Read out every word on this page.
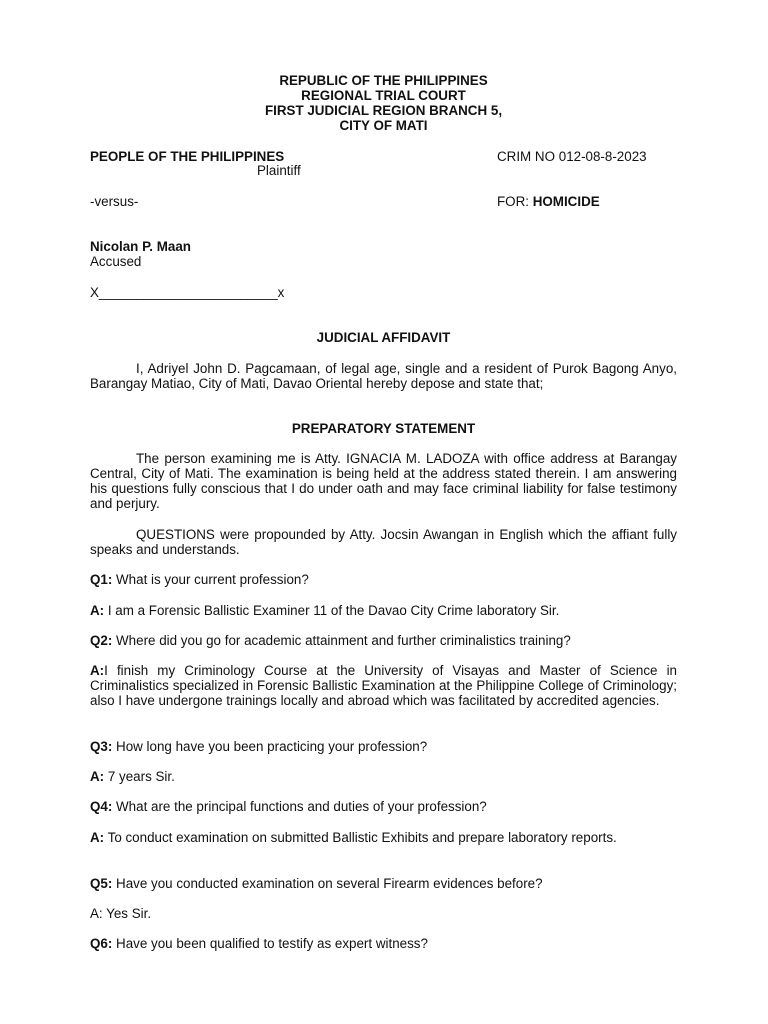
REPUBLIC OF THE PHILIPPINES

REGIONAL TRIAL COURT

FIRST JUDICIAL REGION BRANCH 5,

CITY OF MATI

PEOPLE OF THE PHILIPPINES

Plaintiff

CRIM NO 012-08-8-2023

-versus-	FOR: HOMICIDE

Nicolan P. Maan

Accused

X________________________x

JUDICIAL AFFIDAVIT

I, Adriyel John D. Pagcamaan, of legal age, single and a resident of Purok Bagong Anyo, Barangay Matiao, City of Mati, Davao Oriental hereby depose and state that;

PREPARATORY STATEMENT

The person examining me is Atty. IGNACIA M. LADOZA with office address at Barangay Central, City of Mati. The examination is being held at the address stated therein. I am answering his questions fully conscious that I do under oath and may face criminal liability for false testimony and perjury.

QUESTIONS were propounded by Atty. Jocsin Awangan in English which the affiant fully speaks and understands.

Q1: What is your current profession?

A: I am a Forensic Ballistic Examiner 11 of the Davao City Crime laboratory Sir.

Q2: Where did you go for academic attainment and further criminalistics training?

A:I finish my Criminology Course at the University of Visayas and Master of Science in Criminalistics specialized in Forensic Ballistic Examination at the Philippine College of Criminology; also I have undergone trainings locally and abroad which was facilitated by accredited agencies.

Q3: How long have you been practicing your profession?

A: 7 years Sir.

Q4: What are the principal functions and duties of your profession?

A: To conduct examination on submitted Ballistic Exhibits and prepare laboratory reports.

Q5: Have you conducted examination on several Firearm evidences before?

A: Yes Sir.

Q6: Have you been qualified to testify as expert witness?
